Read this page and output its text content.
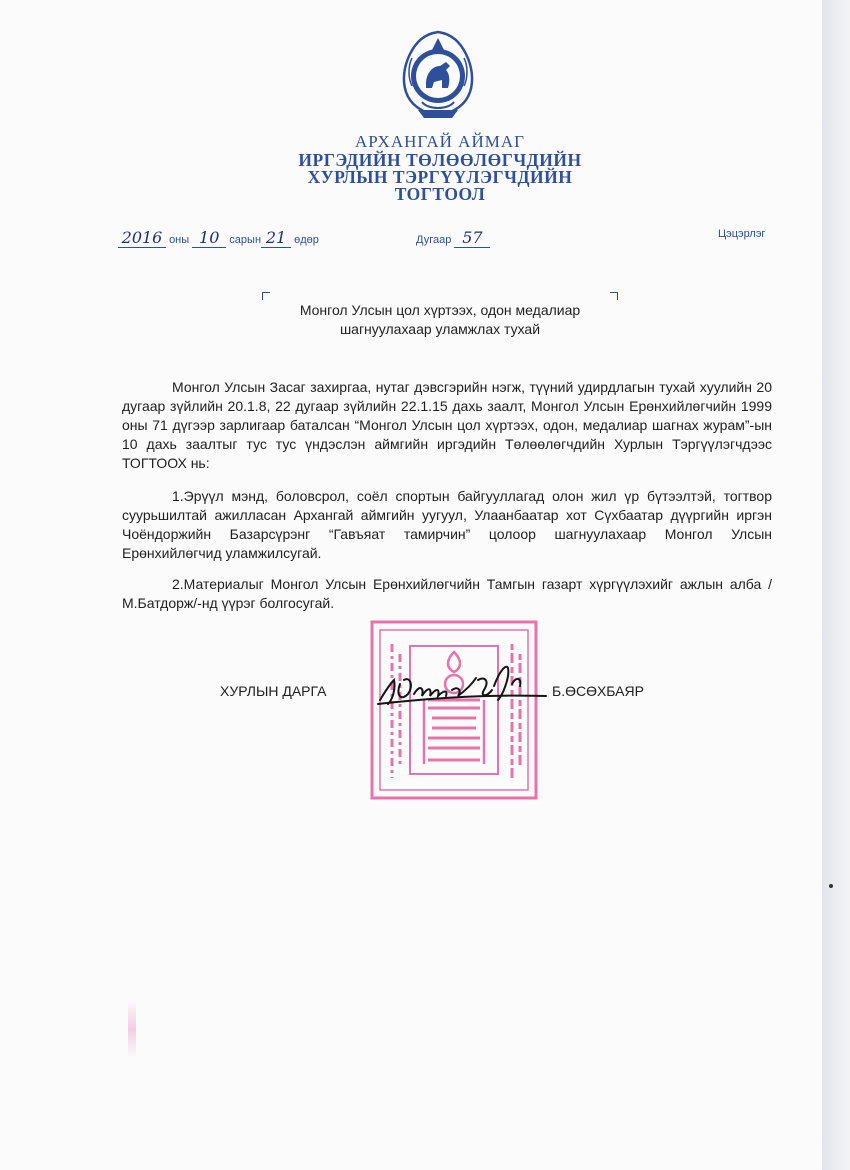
АРХАНГАЙ АЙМАГ
ИРГЭДИЙН ТӨЛӨӨЛӨГЧДИЙН
ХУРЛЫН ТЭРГҮҮЛЭГЧДИЙН
ТОГТООЛ
2016 оны 10 сарын 21 өдөр	Дугаар 57	Цэцэрлэг
Монгол Улсын цол хүртээх, одон медалиар
шагнуулахаар уламжлах тухай
Монгол Улсын Засаг захиргаа, нутаг дэвсгэрийн нэгж, түүний удирдлагын тухай хуулийн 20 дугаар зүйлийн 20.1.8, 22 дугаар зүйлийн 22.1.15 дахь заалт, Монгол Улсын Ерөнхийлөгчийн 1999 оны 71 дүгээр зарлигаар баталсан “Монгол Улсын цол хүртээх, одон, медалиар шагнах журам”-ын 10 дахь заалтыг тус тус үндэслэн аймгийн иргэдийн Төлөөлөгчдийн Хурлын Тэргүүлэгчдээс ТОГТООХ нь:
1.Эрүүл мэнд, боловсрол, соёл спортын байгууллагад олон жил үр бүтээлтэй, тогтвор суурьшилтай ажилласан Архангай аймгийн уугуул, Улаанбаатар хот Сүхбаатар дүүргийн иргэн Чоёндоржийн Базарсүрэнг “Гавъяат тамирчин” цолоор шагнуулахаар Монгол Улсын Ерөнхийлөгчид уламжилсугай.
2.Материалыг Монгол Улсын Ерөнхийлөгчийн Тамгын газарт хүргүүлэхийг ажлын алба /М.Батдорж/-нд үүрэг болгосугай.
ХУРЛЫН ДАРГА	Б.ӨСӨХБАЯР
